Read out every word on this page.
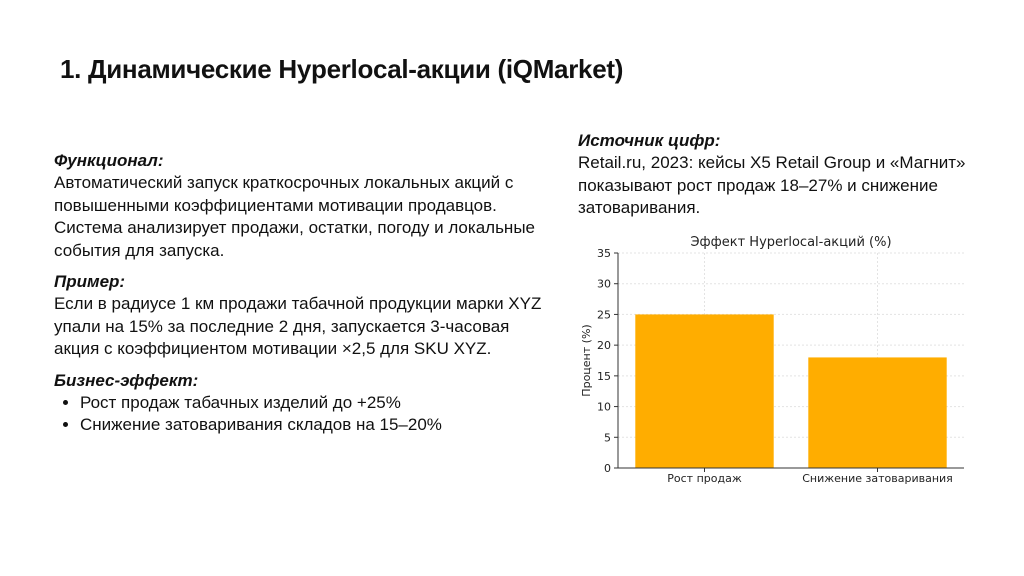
1. Динамические Hyperlocal-акции (iQMarket)
Функционал:
Автоматический запуск краткосрочных локальных акций с повышенными коэффициентами мотивации продавцов. Система анализирует продажи, остатки, погоду и локальные события для запуска.
Пример:
Если в радиусе 1 км продажи табачной продукции марки XYZ упали на 15% за последние 2 дня, запускается 3-часовая акция с коэффициентом мотивации ×2,5 для SKU XYZ.
Бизнес-эффект:
• Рост продаж табачных изделий до +25%
• Снижение затоваривания складов на 15–20%
Источник цифр:
Retail.ru, 2023: кейсы X5 Retail Group и «Магнит» показывают рост продаж 18–27% и снижение затоваривания.
Эффект Hyperlocal-акций (%)
0
5
10
15
20
25
30
35
Рост продаж	Снижение затоваривания
Процент (%)
